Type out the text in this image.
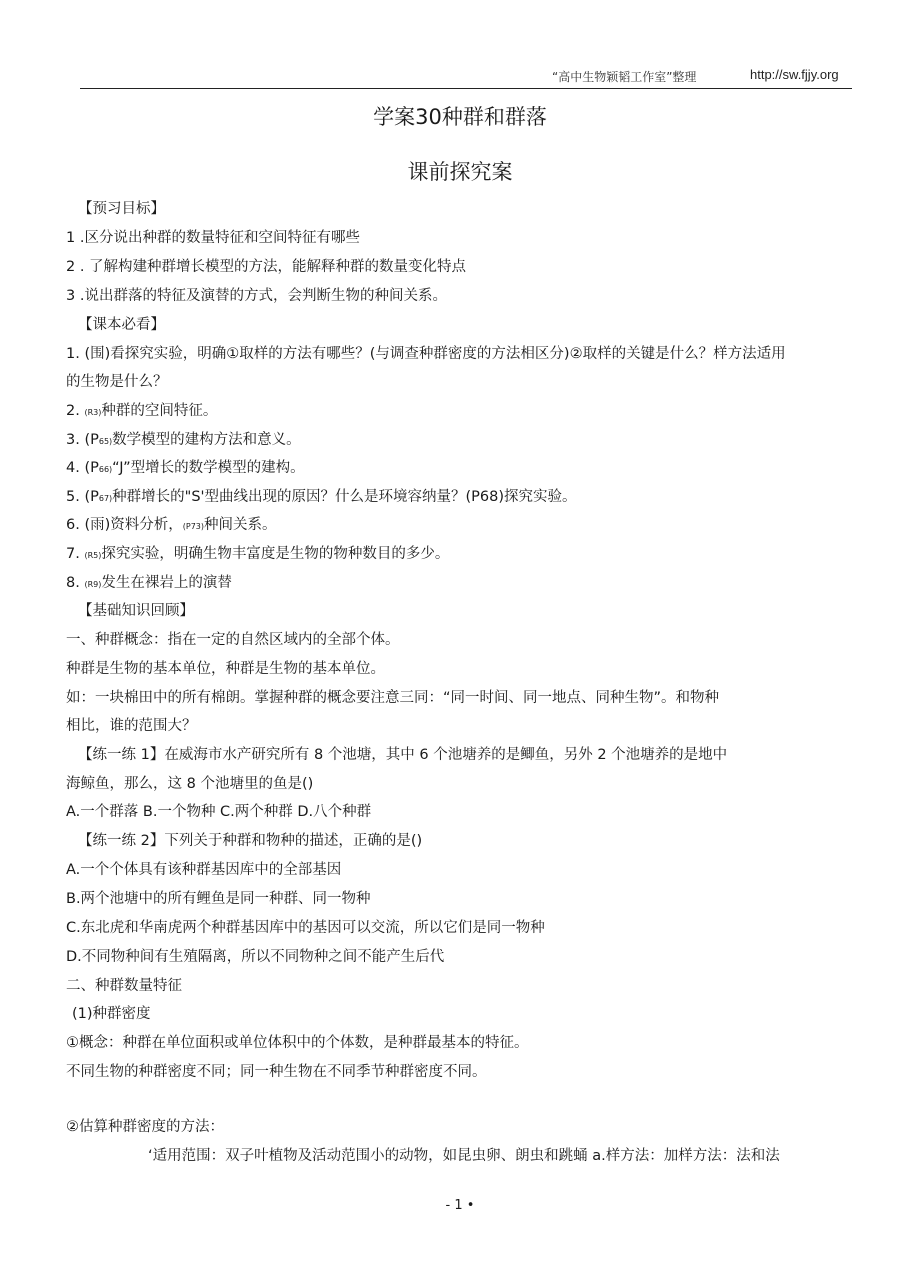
“高中生物颖韬工作室”整理	http://sw.fjjy.org
学案30种群和群落
课前探究案
【预习目标】
1 .区分说出种群的数量特征和空间特征有哪些
2 . 了解构建种群增长模型的方法，能解释种群的数量变化特点
3 .说出群落的特征及演替的方式，会判断生物的种间关系。
【课本必看】
1. (围)看探究实验，明确①取样的方法有哪些？(与调查种群密度的方法相区分)②取样的关键是什么？样方法适用
的生物是什么？
2. (R3)种群的空间特征。
3. (P65)数学模型的建构方法和意义。
4. (P66)“J”型增长的数学模型的建构。
5. (P67)种群增长的"S'型曲线出现的原因？什么是环境容纳量？(P68)探究实验。
6. (雨)资料分析，(P73)种间关系。
7. (R5)探究实验，明确生物丰富度是生物的物种数目的多少。
8. (R9)发生在裸岩上的演替
【基础知识回顾】
一、种群概念：指在一定的自然区域内的全部个体。
种群是生物的基本单位，种群是生物的基本单位。
如：一块棉田中的所有棉朗。掌握种群的概念要注意三同：“同一时间、同一地点、同种生物”。和物种
相比，谁的范围大？
【练一练 1】在威海市水产研究所有 8 个池塘，其中 6 个池塘养的是鲫鱼，另外 2 个池塘养的是地中
海鲸鱼，那么，这 8 个池塘里的鱼是()
A.一个群落 B.一个物种 C.两个种群 D.八个种群
【练一练 2】下列关于种群和物种的描述，正确的是()
A.一个个体具有该种群基因库中的全部基因
B.两个池塘中的所有鲤鱼是同一种群、同一物种
C.东北虎和华南虎两个种群基因库中的基因可以交流，所以它们是同一物种
D.不同物种间有生殖隔离，所以不同物种之间不能产生后代
二、种群数量特征
(1)种群密度
①概念：种群在单位面积或单位体积中的个体数，是种群最基本的特征。
不同生物的种群密度不同；同一种生物在不同季节种群密度不同。
②估算种群密度的方法：
‘适用范围：双子叶植物及活动范围小的动物，如昆虫卵、朗虫和跳蛹 a.样方法：加样方法：法和法
- 1 •
